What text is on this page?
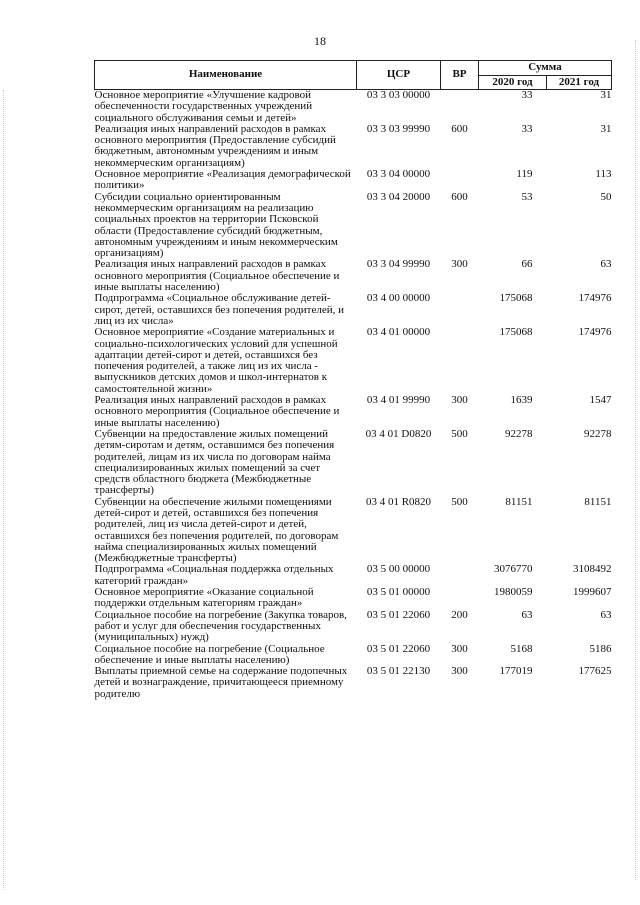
18
Наименование	ЦСР	ВР	Сумма	
			2020 год	2021 год
Основное мероприятие «Улучшение кадровой обеспеченности государственных учреждений социального обслуживания семьи и детей»	03 3 03 00000		33	31
Реализация иных направлений расходов в рамках основного мероприятия (Предоставление субсидий бюджетным, автономным учреждениям и иным некоммерческим организациям)	03 3 03 99990	600	33	31
Основное мероприятие «Реализация демографической политики»	03 3 04 00000		119	113
Субсидии социально ориентированным некоммерческим организациям на реализацию социальных проектов на территории Псковской области (Предоставление субсидий бюджетным, автономным учреждениям и иным некоммерческим организациям)	03 3 04 20000	600	53	50
Реализация иных направлений расходов в рамках основного мероприятия (Социальное обеспечение и иные выплаты населению)	03 3 04 99990	300	66	63
Подпрограмма «Социальное обслуживание детей-сирот, детей, оставшихся без попечения родителей, и лиц из их числа»	03 4 00 00000		175068	174976
Основное мероприятие «Создание материальных и социально-психологических условий для успешной адаптации детей-сирот и детей, оставшихся без попечения родителей, а также лиц из их числа - выпускников детских домов и школ-интернатов к самостоятельной жизни»	03 4 01 00000		175068	174976
Реализация иных направлений расходов в рамках основного мероприятия (Социальное обеспечение и иные выплаты населению)	03 4 01 99990	300	1639	1547
Субвенции на предоставление жилых помещений детям-сиротам и детям, оставшимся без попечения родителей, лицам из их числа по договорам найма специализированных жилых помещений за счет средств областного бюджета (Межбюджетные трансферты)	03 4 01 D0820	500	92278	92278
Субвенции на обеспечение жилыми помещениями детей-сирот и детей, оставшихся без попечения родителей, лиц из числа детей-сирот и детей, оставшихся без попечения родителей, по договорам найма специализированных жилых помещений (Межбюджетные трансферты)	03 4 01 R0820	500	81151	81151
Подпрограмма «Социальная поддержка отдельных категорий граждан»	03 5 00 00000		3076770	3108492
Основное мероприятие «Оказание социальной поддержки отдельным категориям граждан»	03 5 01 00000		1980059	1999607
Социальное пособие на погребение (Закупка товаров, работ и услуг для обеспечения государственных (муниципальных) нужд)	03 5 01 22060	200	63	63
Социальное пособие на погребение (Социальное обеспечение и иные выплаты населению)	03 5 01 22060	300	5168	5186
Выплаты приемной семье на содержание подопечных детей и вознаграждение, причитающееся приемному родителю	03 5 01 22130	300	177019	177625
